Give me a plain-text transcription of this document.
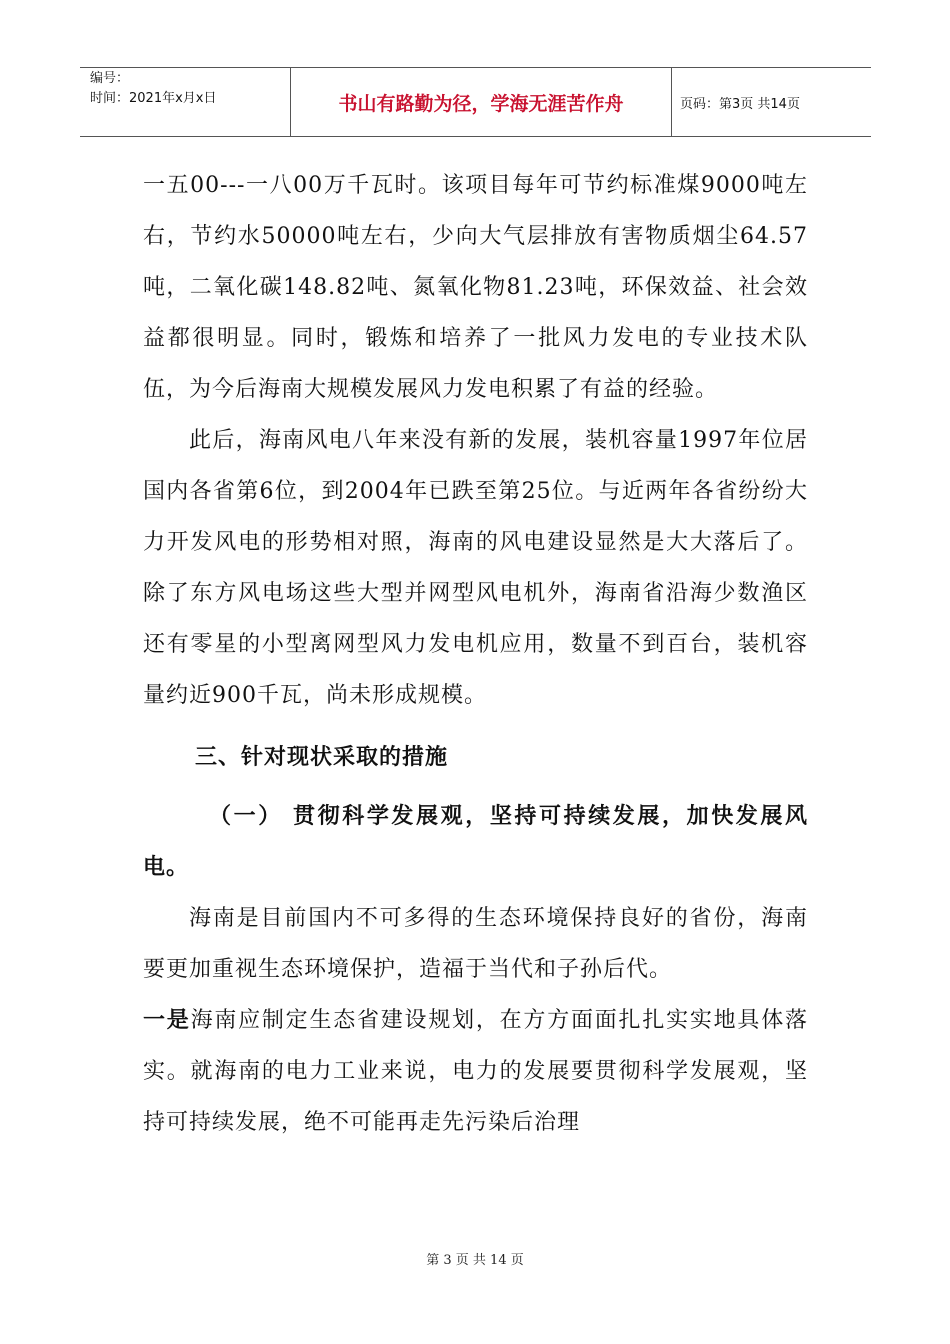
编号：
时间：2021年x月x日	书山有路勤为径，学海无涯苦作舟	页码：第3页 共14页

一五00---一八00万千瓦时。该项目每年可节约标准煤9000吨左右，节约水50000吨左右，少向大气层排放有害物质烟尘64.57吨，二氧化碳148.82吨、氮氧化物81.23吨，环保效益、社会效益都很明显。同时，锻炼和培养了一批风力发电的专业技术队伍，为今后海南大规模发展风力发电积累了有益的经验。

此后，海南风电八年来没有新的发展，装机容量1997年位居国内各省第6位，到2004年已跌至第25位。与近两年各省纷纷大力开发风电的形势相对照，海南的风电建设显然是大大落后了。除了东方风电场这些大型并网型风电机外，海南省沿海少数渔区还有零星的小型离网型风力发电机应用，数量不到百台，装机容量约近900千瓦，尚未形成规模。

三、针对现状采取的措施

（一） 贯彻科学发展观，坚持可持续发展，加快发展风电。

海南是目前国内不可多得的生态环境保持良好的省份，海南要更加重视生态环境保护，造福于当代和子孙后代。

一是海南应制定生态省建设规划，在方方面面扎扎实实地具体落实。就海南的电力工业来说，电力的发展要贯彻科学发展观，坚持可持续发展，绝不可能再走先污染后治理

第 3 页 共 14 页
